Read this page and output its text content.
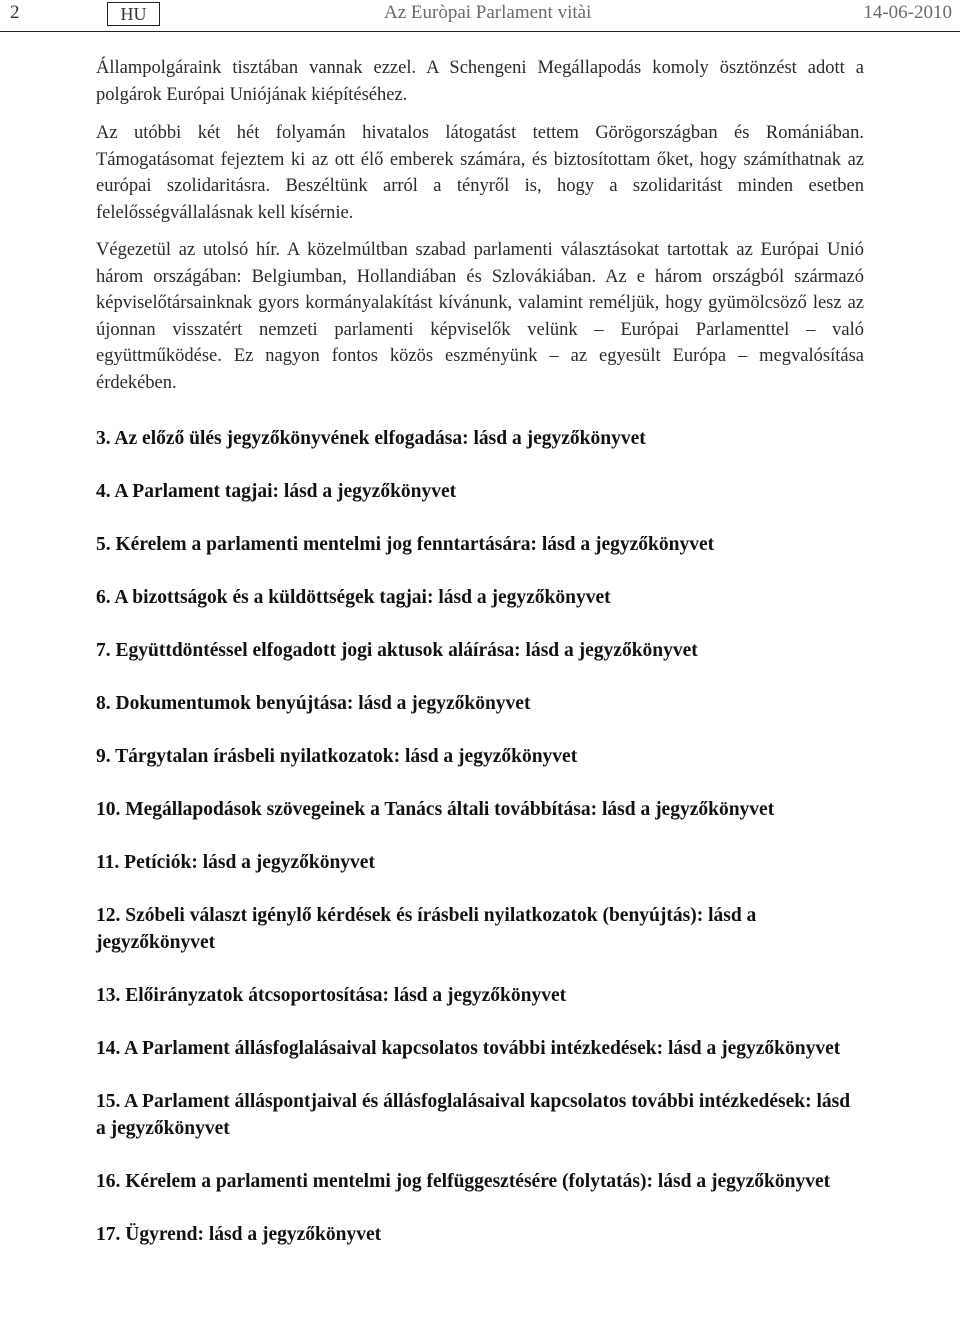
2	HU	Az Euròpai Parlament vitài	14-06-2010

Állampolgáraink tisztában vannak ezzel. A Schengeni Megállapodás komoly ösztönzést adott a polgárok Európai Uniójának kiépítéséhez.

Az utóbbi két hét folyamán hivatalos látogatást tettem Görögországban és Romániában. Támogatásomat fejeztem ki az ott élő emberek számára, és biztosítottam őket, hogy számíthatnak az európai szolidaritásra. Beszéltünk arról a tényről is, hogy a szolidaritást minden esetben felelősségvállalásnak kell kísérnie.

Végezetül az utolsó hír. A közelmúltban szabad parlamenti választásokat tartottak az Európai Unió három országában: Belgiumban, Hollandiában és Szlovákiában. Az e három országból származó képviselőtársainknak gyors kormányalakítást kívánunk, valamint reméljük, hogy gyümölcsöző lesz az újonnan visszatért nemzeti parlamenti képviselők velünk – Európai Parlamenttel – való együttműködése. Ez nagyon fontos közös eszményünk – az egyesült Európa – megvalósítása érdekében.

3. Az előző ülés jegyzőkönyvének elfogadása: lásd a jegyzőkönyvet

4. A Parlament tagjai: lásd a jegyzőkönyvet

5. Kérelem a parlamenti mentelmi jog fenntartására: lásd a jegyzőkönyvet

6. A bizottságok és a küldöttségek tagjai: lásd a jegyzőkönyvet

7. Együttdöntéssel elfogadott jogi aktusok aláírása: lásd a jegyzőkönyvet

8. Dokumentumok benyújtása: lásd a jegyzőkönyvet

9. Tárgytalan írásbeli nyilatkozatok: lásd a jegyzőkönyvet

10. Megállapodások szövegeinek a Tanács általi továbbítása: lásd a jegyzőkönyvet

11. Petíciók: lásd a jegyzőkönyvet

12. Szóbeli választ igénylő kérdések és írásbeli nyilatkozatok (benyújtás): lásd a jegyzőkönyvet

13. Előirányzatok átcsoportosítása: lásd a jegyzőkönyvet

14. A Parlament állásfoglalásaival kapcsolatos további intézkedések: lásd a jegyzőkönyvet

15. A Parlament álláspontjaival és állásfoglalásaival kapcsolatos további intézkedések: lásd a jegyzőkönyvet

16. Kérelem a parlamenti mentelmi jog felfüggesztésére (folytatás): lásd a jegyzőkönyvet

17. Ügyrend: lásd a jegyzőkönyvet
